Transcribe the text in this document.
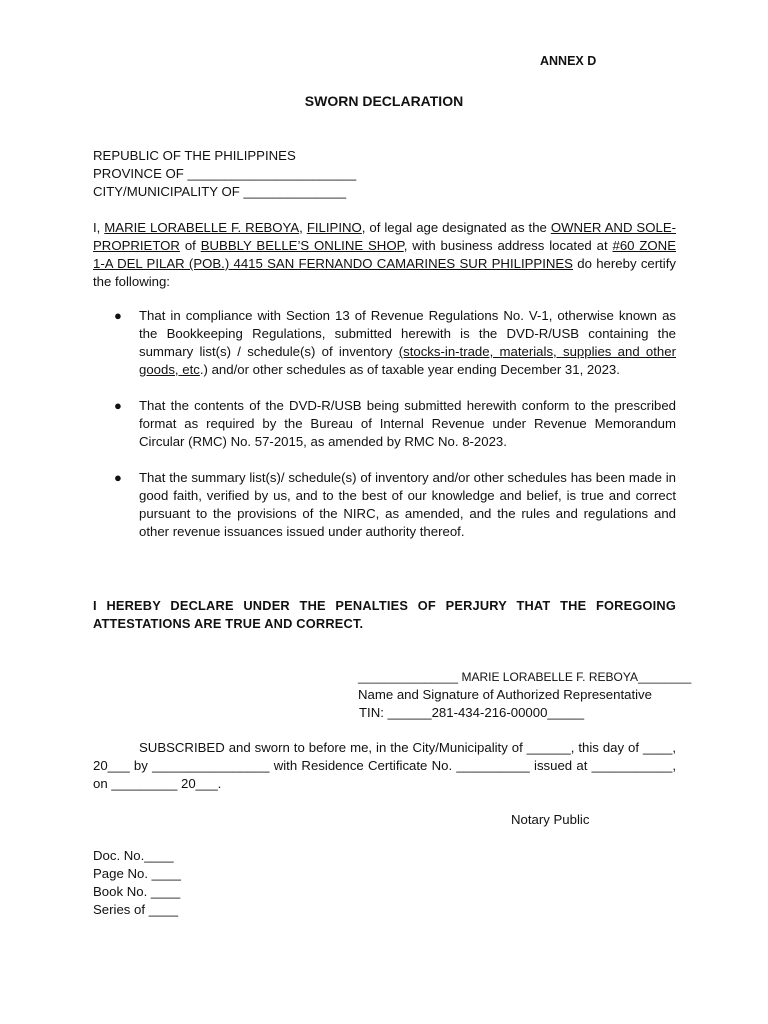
ANNEX D
SWORN DECLARATION
REPUBLIC OF THE PHILIPPINES
PROVINCE OF _______________________
CITY/MUNICIPALITY OF ______________
I, MARIE LORABELLE F. REBOYA, FILIPINO, of legal age designated as the OWNER AND SOLE-PROPRIETOR of BUBBLY BELLE’S ONLINE SHOP, with business address located at #60 ZONE 1-A DEL PILAR (POB.) 4415 SAN FERNANDO CAMARINES SUR PHILIPPINES do hereby certify the following:
● That in compliance with Section 13 of Revenue Regulations No. V-1, otherwise known as the Bookkeeping Regulations, submitted herewith is the DVD-R/USB containing the summary list(s) / schedule(s) of inventory (stocks-in-trade, materials, supplies and other goods, etc.) and/or other schedules as of taxable year ending December 31, 2023.
● That the contents of the DVD-R/USB being submitted herewith conform to the prescribed format as required by the Bureau of Internal Revenue under Revenue Memorandum Circular (RMC) No. 57-2015, as amended by RMC No. 8-2023.
● That the summary list(s)/ schedule(s) of inventory and/or other schedules has been made in good faith, verified by us, and to the best of our knowledge and belief, is true and correct pursuant to the provisions of the NIRC, as amended, and the rules and regulations and other revenue issuances issued under authority thereof.
I HEREBY DECLARE UNDER THE PENALTIES OF PERJURY THAT THE FOREGOING ATTESTATIONS ARE TRUE AND CORRECT.
_______________ MARIE LORABELLE F. REBOYA________
Name and Signature of Authorized Representative
TIN: ______281-434-216-00000_____
SUBSCRIBED and sworn to before me, in the City/Municipality of ______, this day of ____, 20___ by ________________ with Residence Certificate No. __________ issued at ___________, on _________ 20___.
Notary Public
Doc. No.____
Page No. ____
Book No. ____
Series of ____
